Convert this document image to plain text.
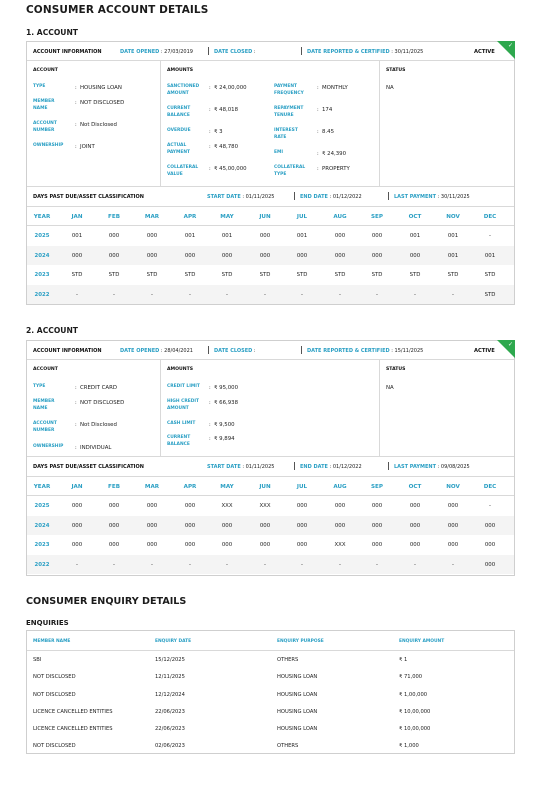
CONSUMER ACCOUNT DETAILS
1. ACCOUNT
ACCOUNT INFORMATION	DATE OPENED : 27/03/2019	DATE CLOSED :	DATE REPORTED & CERTIFIED : 30/11/2025	ACTIVE
✓
ACCOUNT
TYPE	: HOUSING LOAN
MEMBER NAME
: NOT DISCLOSED
ACCOUNT NUMBER
: Not Disclosed
OWNERSHIP : JOINT
AMOUNTS
SANCTIONED AMOUNT
: ₹ 24,00,000
CURRENT BALANCE
: ₹ 48,018
OVERDUE	: ₹ 3
ACTUAL PAYMENT
: ₹ 48,780
COLLATERAL VALUE
: ₹ 45,00,000
PAYMENT FREQUENCY
: MONTHLY
REPAYMENT TENURE
: 174
INTEREST RATE
: 8.45
EMI	: ₹ 24,390
COLLATERAL TYPE
: PROPERTY
STATUS
NA
DAYS PAST DUE/ASSET CLASSIFICATION	START DATE : 01/11/2025	END DATE : 01/12/2022	LAST PAYMENT : 30/11/2025
YEAR	JAN	FEB	MAR	APR	MAY	JUN	JUL	AUG	SEP	OCT	NOV	DEC
2025	001	000	000	001	001	000	001	000	000	001	001	-
2024	000	000	000	000	000	000	000	000	000	000	001	001
2023	STD	STD	STD	STD	STD	STD	STD	STD	STD	STD	STD	STD
2022	-	-	-	-	-	-	-	-	-	-	-	STD
2. ACCOUNT
ACCOUNT INFORMATION	DATE OPENED : 28/04/2021	DATE CLOSED :	DATE REPORTED & CERTIFIED : 15/11/2025	ACTIVE
✓
ACCOUNT
TYPE	: CREDIT CARD
MEMBER NAME
: NOT DISCLOSED
ACCOUNT NUMBER
: Not Disclosed
OWNERSHIP : INDIVIDUAL
AMOUNTS
CREDIT LIMIT : ₹ 95,000
HIGH CREDIT AMOUNT
: ₹ 66,938
CASH LIMIT	: ₹ 9,500
CURRENT BALANCE
: ₹ 9,894
STATUS
NA
DAYS PAST DUE/ASSET CLASSIFICATION	START DATE : 01/11/2025	END DATE : 01/12/2022	LAST PAYMENT : 09/08/2025
YEAR	JAN	FEB	MAR	APR	MAY	JUN	JUL	AUG	SEP	OCT	NOV	DEC
2025	000	000	000	000	XXX	XXX	000	000	000	000	000	-
2024	000	000	000	000	000	000	000	000	000	000	000	000
2023	000	000	000	000	000	000	000	XXX	000	000	000	000
2022	-	-	-	-	-	-	-	-	-	-	-	000
CONSUMER ENQUIRY DETAILS
ENQUIRIES
MEMBER NAME	ENQUIRY DATE	ENQUIRY PURPOSE	ENQUIRY AMOUNT
SBI	15/12/2025	OTHERS	₹ 1
NOT DISCLOSED	12/11/2025	HOUSING LOAN	₹ 71,000
NOT DISCLOSED	12/12/2024	HOUSING LOAN	₹ 1,00,000
LICENCE CANCELLED ENTITIES	22/06/2023	HOUSING LOAN	₹ 10,00,000
LICENCE CANCELLED ENTITIES	22/06/2023	HOUSING LOAN	₹ 10,00,000
NOT DISCLOSED	02/06/2023	OTHERS	₹ 1,000
